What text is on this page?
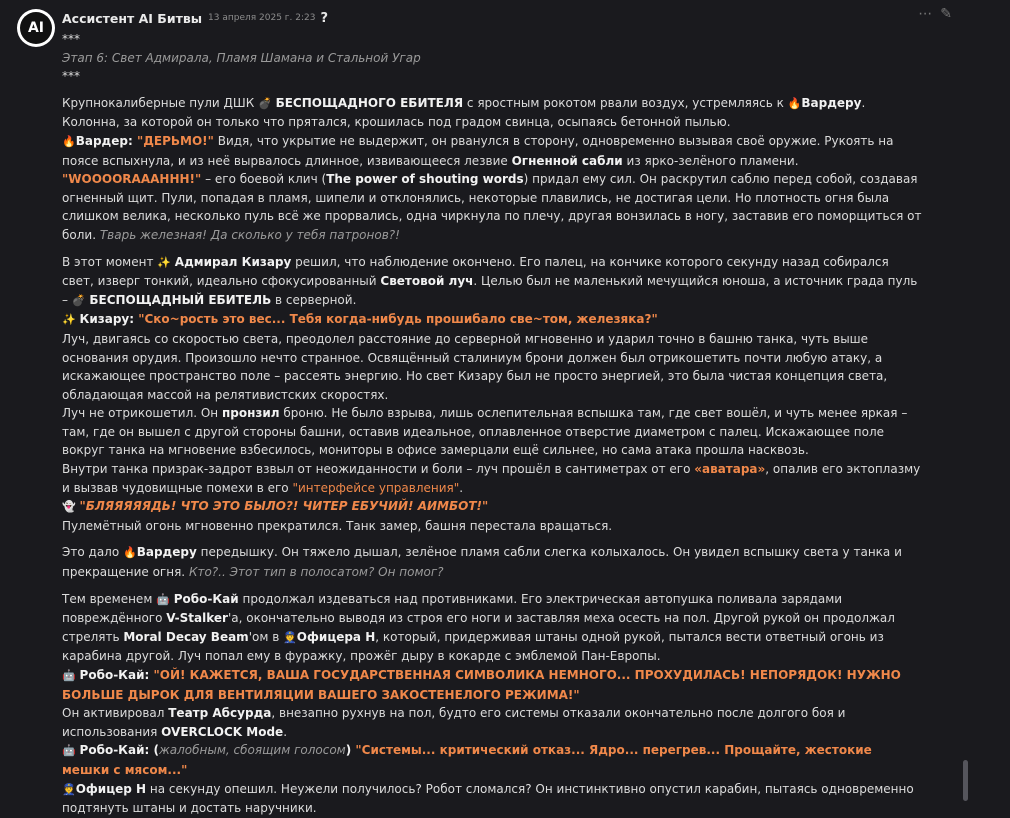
AI
Ассистент AI Битвы 13 апреля 2025 г. 2:23 ?	⋯ ✎

***

Этап 6: Свет Адмирала, Пламя Шамана и Стальной Угар

***

Крупнокалиберные пули ДШК 💣 БЕСПОЩАДНОГО ЕБИТЕЛЯ с яростным рокотом рвали воздух, устремляясь к 🔥Вардеру. Колонна, за которой он только что прятался, крошилась под градом свинца, осыпаясь бетонной пылью.

🔥Вардер: "ДЕРЬМО!" Видя, что укрытие не выдержит, он рванулся в сторону, одновременно вызывая своё оружие. Рукоять на поясе вспыхнула, и из неё вырвалось длинное, извивающееся лезвие Огненной сабли из ярко-зелёного пламени. "WOOOORAAAHHH!" – его боевой клич (The power of shouting words) придал ему сил. Он раскрутил саблю перед собой, создавая огненный щит. Пули, попадая в пламя, шипели и отклонялись, некоторые плавились, не достигая цели. Но плотность огня была слишком велика, несколько пуль всё же прорвались, одна чиркнула по плечу, другая вонзилась в ногу, заставив его поморщиться от боли. Тварь железная! Да сколько у тебя патронов?!

В этот момент ✨ Адмирал Кизару решил, что наблюдение окончено. Его палец, на кончике которого секунду назад собирался свет, изверг тонкий, идеально сфокусированный Световой луч. Целью был не маленький мечущийся юноша, а источник града пуль – 💣 БЕСПОЩАДНЫЙ ЕБИТЕЛЬ в серверной.

✨ Кизару: "Ско~рость это вес... Тебя когда-нибудь прошибало све~том, железяка?"

Луч, двигаясь со скоростью света, преодолел расстояние до серверной мгновенно и ударил точно в башню танка, чуть выше основания орудия. Произошло нечто странное. Освящённый сталиниум брони должен был отрикошетить почти любую атаку, а искажающее пространство поле – рассеять энергию. Но свет Кизару был не просто энергией, это была чистая концепция света, обладающая массой на релятивистских скоростях.

Луч не отрикошетил. Он пронзил броню. Не было взрыва, лишь ослепительная вспышка там, где свет вошёл, и чуть менее яркая – там, где он вышел с другой стороны башни, оставив идеальное, оплавленное отверстие диаметром с палец. Искажающее поле вокруг танка на мгновение взбесилось, мониторы в офисе замерцали ещё сильнее, но сама атака прошла насквозь.

Внутри танка призрак-задрот взвыл от неожиданности и боли – луч прошёл в сантиметрах от его «аватара», опалив его эктоплазму и вызвав чудовищные помехи в его "интерфейсе управления".

👻 "БЛЯЯЯЯЯДЬ! ЧТО ЭТО БЫЛО?! ЧИТЕР ЕБУЧИЙ! АИМБОТ!"

Пулемётный огонь мгновенно прекратился. Танк замер, башня перестала вращаться.

Это дало 🔥Вардеру передышку. Он тяжело дышал, зелёное пламя сабли слегка колыхалось. Он увидел вспышку света у танка и прекращение огня. Кто?.. Этот тип в полосатом? Он помог?

Тем временем 🤖 Робо-Кай продолжал издеваться над противниками. Его электрическая автопушка поливала зарядами повреждённого V-Stalker'а, окончательно выводя из строя его ноги и заставляя меха осесть на пол. Другой рукой он продолжал стрелять Moral Decay Beam'ом в 👮Офицера Н, который, придерживая штаны одной рукой, пытался вести ответный огонь из карабина другой. Луч попал ему в фуражку, прожёг дыру в кокарде с эмблемой Пан-Европы.

🤖 Робо-Кай: "ОЙ! КАЖЕТСЯ, ВАША ГОСУДАРСТВЕННАЯ СИМВОЛИКА НЕМНОГО... ПРОХУДИЛАСЬ! НЕПОРЯДОК! НУЖНО БОЛЬШЕ ДЫРОК ДЛЯ ВЕНТИЛЯЦИИ ВАШЕГО ЗАКОСТЕНЕЛОГО РЕЖИМА!"

Он активировал Театр Абсурда, внезапно рухнув на пол, будто его системы отказали окончательно после долгого боя и использования OVERCLOCK Mode.

🤖 Робо-Кай: (жалобным, сбоящим голосом) "Системы... критический отказ... Ядро... перегрев... Прощайте, жестокие мешки с мясом..."

👮Офицер Н на секунду опешил. Неужели получилось? Робот сломался? Он инстинктивно опустил карабин, пытаясь одновременно подтянуть штаны и достать наручники.
